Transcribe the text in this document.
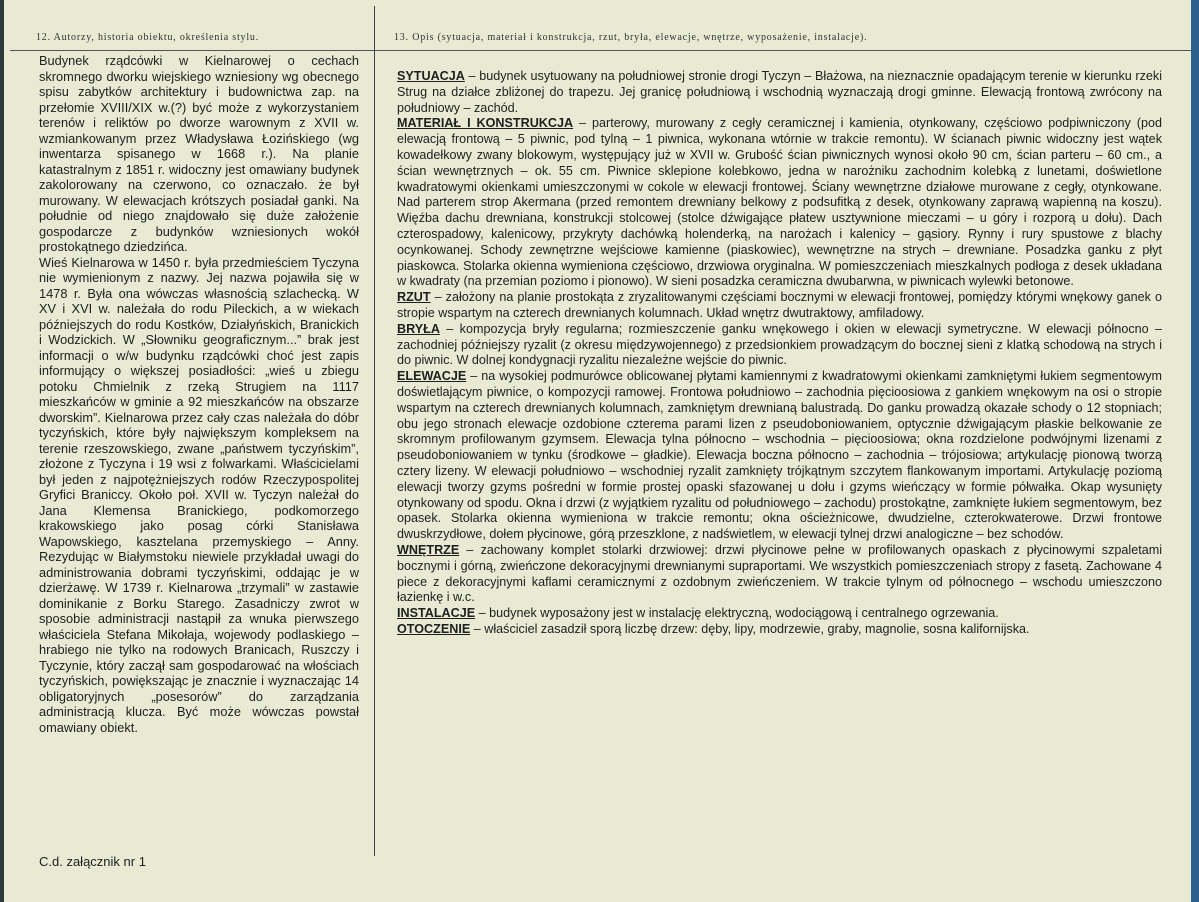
12. Autorzy, historia obiektu, określenia stylu.	13. Opis (sytuacja, materiał i konstrukcja, rzut, bryła, elewacje, wnętrze, wyposażenie, instalacje).

Budynek rządcówki w Kielnarowej o cechach skromnego dworku wiejskiego wzniesiony wg obecnego spisu zabytków architektury i budownictwa zap. na przełomie XVIII/XIX w.(?) być może z wykorzystaniem terenów i reliktów po dworze warownym z XVII w. wzmiankowanym przez Władysława Łozińskiego (wg inwentarza spisanego w 1668 r.). Na planie katastralnym z 1851 r. widoczny jest omawiany budynek zakolorowany na czerwono, co oznaczało. że był murowany. W elewacjach krótszych posiadał ganki. Na południe od niego znajdowało się duże założenie gospodarcze z budynków wzniesionych wokół prostokątnego dziedzińca.

Wieś Kielnarowa w 1450 r. była przedmieściem Tyczyna nie wymienionym z nazwy. Jej nazwa pojawiła się w 1478 r. Była ona wówczas własnością szlachecką. W XV i XVI w. należała do rodu Pileckich, a w wiekach późniejszych do rodu Kostków, Działyńskich, Branickich i Wodzickich. W „Słowniku geograficznym...” brak jest informacji o w/w budynku rządcówki choć jest zapis informujący o większej posiadłości: „wieś u zbiegu potoku Chmielnik z rzeką Strugiem na 1117 mieszkańców w gminie a 92 mieszkańców na obszarze dworskim”. Kielnarowa przez cały czas należała do dóbr tyczyńskich, które były największym kompleksem na terenie rzeszowskiego, zwane „państwem tyczyńskim”, złożone z Tyczyna i 19 wsi z folwarkami. Właścicielami był jeden z najpotężniejszych rodów Rzeczypospolitej Gryfici Braniccy. Około poł. XVII w. Tyczyn należał do Jana Klemensa Branickiego, podkomorzego krakowskiego jako posag córki Stanisława Wapowskiego, kasztelana przemyskiego – Anny. Rezydując w Białymstoku niewiele przykładał uwagi do administrowania dobrami tyczyńskimi, oddając je w dzierżawę. W 1739 r. Kielnarowa „trzymali” w zastawie dominikanie z Borku Starego. Zasadniczy zwrot w sposobie administracji nastąpił za wnuka pierwszego właściciela Stefana Mikołaja, wojewody podlaskiego – hrabiego nie tylko na rodowych Branicach, Ruszczy i Tyczynie, który zaczął sam gospodarować na włościach tyczyńskich, powiększając je znacznie i wyznaczając 14 obligatoryjnych „posesorów” do zarządzania administracją klucza. Być może wówczas powstał omawiany obiekt.

SYTUACJA – budynek usytuowany na południowej stronie drogi Tyczyn – Błażowa, na nieznacznie opadającym terenie w kierunku rzeki Strug na działce zbliżonej do trapezu. Jej granicę południową i wschodnią wyznaczają drogi gminne. Elewacją frontową zwrócony na południowy – zachód.

MATERIAŁ I KONSTRUKCJA – parterowy, murowany z cegły ceramicznej i kamienia, otynkowany, częściowo podpiwniczony (pod elewacją frontową – 5 piwnic, pod tylną – 1 piwnica, wykonana wtórnie w trakcie remontu). W ścianach piwnic widoczny jest wątek kowadełkowy zwany blokowym, występujący już w XVII w. Grubość ścian piwnicznych wynosi około 90 cm, ścian parteru – 60 cm., a ścian wewnętrznych – ok. 55 cm. Piwnice sklepione kolebkowo, jedna w narożniku zachodnim kolebką z lunetami, doświetlone kwadratowymi okienkami umieszczonymi w cokole w elewacji frontowej. Ściany wewnętrzne działowe murowane z cegły, otynkowane. Nad parterem strop Akermana (przed remontem drewniany belkowy z podsufitką z desek, otynkowany zaprawą wapienną na koszu). Więźba dachu drewniana, konstrukcji stolcowej (stolce dźwigające płatew usztywnione mieczami – u góry i rozporą u dołu). Dach czterospadowy, kalenicowy, przykryty dachówką holenderką, na narożach i kalenicy – gąsiory. Rynny i rury spustowe z blachy ocynkowanej. Schody zewnętrzne wejściowe kamienne (piaskowiec), wewnętrzne na strych – drewniane. Posadzka ganku z płyt piaskowca. Stolarka okienna wymieniona częściowo, drzwiowa oryginalna. W pomieszczeniach mieszkalnych podłoga z desek układana w kwadraty (na przemian poziomo i pionowo). W sieni posadzka ceramiczna dwubarwna, w piwnicach wylewki betonowe.

RZUT – założony na planie prostokąta z zryzalitowanymi częściami bocznymi w elewacji frontowej, pomiędzy którymi wnękowy ganek o stropie wspartym na czterech drewnianych kolumnach. Układ wnętrz dwutraktowy, amfiladowy.

BRYŁA – kompozycja bryły regularna; rozmieszczenie ganku wnękowego i okien w elewacji symetryczne. W elewacji północno – zachodniej późniejszy ryzalit (z okresu międzywojennego) z przedsionkiem prowadzącym do bocznej sieni z klatką schodową na strych i do piwnic. W dolnej kondygnacji ryzalitu niezależne wejście do piwnic.

ELEWACJE – na wysokiej podmurówce oblicowanej płytami kamiennymi z kwadratowymi okienkami zamkniętymi łukiem segmentowym doświetlającym piwnice, o kompozycji ramowej. Frontowa południowo – zachodnia pięcioosiowa z gankiem wnękowym na osi o stropie wspartym na czterech drewnianych kolumnach, zamkniętym drewnianą balustradą. Do ganku prowadzą okazałe schody o 12 stopniach; obu jego stronach elewacje ozdobione czterema parami lizen z pseudoboniowaniem, optycznie dźwigającym płaskie belkowanie ze skromnym profilowanym gzymsem. Elewacja tylna północno – wschodnia – pięcioosiowa; okna rozdzielone podwójnymi lizenami z pseudoboniowaniem w tynku (środkowe – gładkie). Elewacja boczna północno – zachodnia – trójosiowa; artykulację pionową tworzą cztery lizeny. W elewacji południowo – wschodniej ryzalit zamknięty trójkątnym szczytem flankowanym importami. Artykulację poziomą elewacji tworzy gzyms pośredni w formie prostej opaski sfazowanej u dołu i gzyms wieńczący w formie półwałka. Okap wysunięty otynkowany od spodu. Okna i drzwi (z wyjątkiem ryzalitu od południowego – zachodu) prostokątne, zamknięte łukiem segmentowym, bez opasek. Stolarka okienna wymieniona w trakcie remontu; okna ościeżnicowe, dwudzielne, czterokwaterowe. Drzwi frontowe dwuskrzydłowe, dołem płycinowe, górą przeszklone, z nadświetlem, w elewacji tylnej drzwi analogiczne – bez schodów.

WNĘTRZE – zachowany komplet stolarki drzwiowej: drzwi płycinowe pełne w profilowanych opaskach z płycinowymi szpaletami bocznymi i górną, zwieńczone dekoracyjnymi drewnianymi supraportami. We wszystkich pomieszczeniach stropy z fasetą. Zachowane 4 piece z dekoracyjnymi kaflami ceramicznymi z ozdobnym zwieńczeniem. W trakcie tylnym od północnego – wschodu umieszczono łazienkę i w.c.

INSTALACJE – budynek wyposażony jest w instalację elektryczną, wodociągową i centralnego ogrzewania.

OTOCZENIE – właściciel zasadził sporą liczbę drzew: dęby, lipy, modrzewie, graby, magnolie, sosna kalifornijska.

C.d. załącznik nr 1
